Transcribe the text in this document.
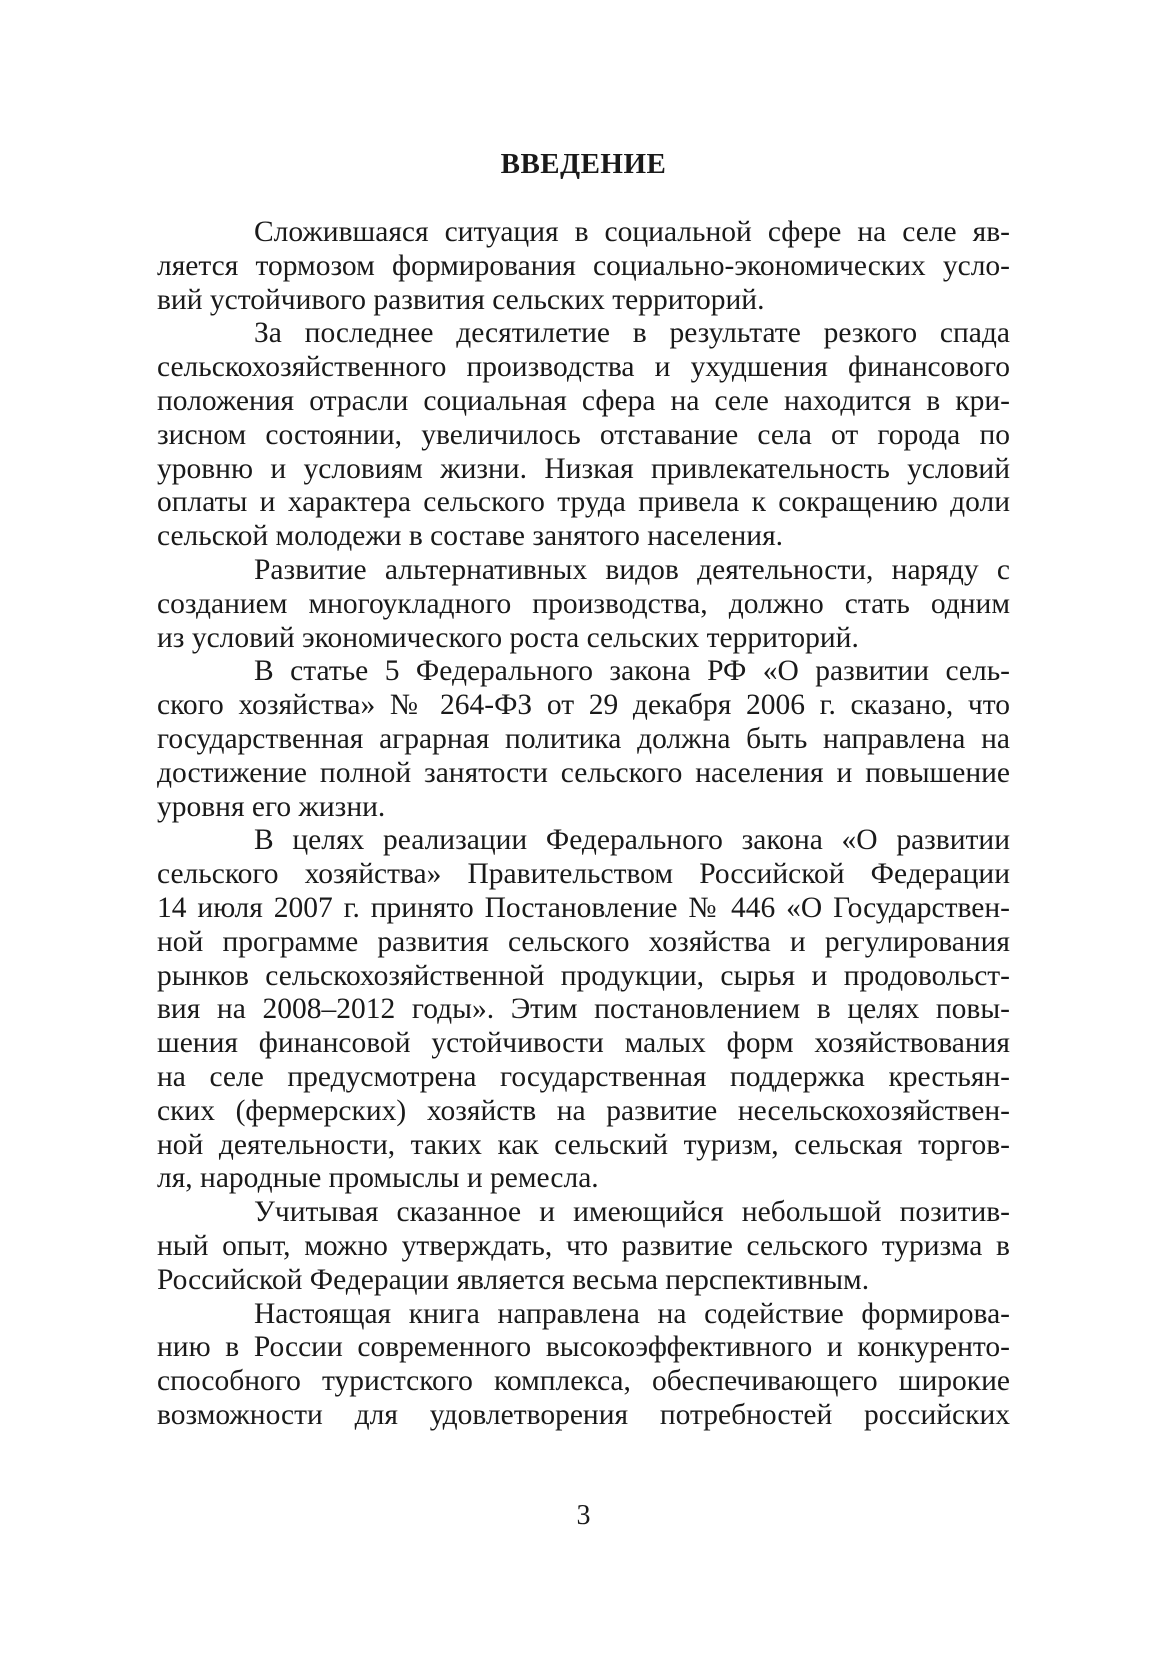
ВВЕДЕНИЕ

Сложившаяся ситуация в социальной сфере на селе яв-
ляется тормозом формирования социально-экономических усло-
вий устойчивого развития сельских территорий.

За последнее десятилетие в результате резкого спада
сельскохозяйственного производства и ухудшения финансового
положения отрасли социальная сфера на селе находится в кри-
зисном состоянии, увеличилось отставание села от города по
уровню и условиям жизни. Низкая привлекательность условий
оплаты и характера сельского труда привела к сокращению доли
сельской молодежи в составе занятого населения.

Развитие альтернативных видов деятельности, наряду с
созданием многоукладного производства, должно стать одним
из условий экономического роста сельских территорий.

В статье 5 Федерального закона РФ «О развитии сель-
ского хозяйства» № 264-ФЗ от 29 декабря 2006 г. сказано, что
государственная аграрная политика должна быть направлена на
достижение полной занятости сельского населения и повышение
уровня его жизни.

В целях реализации Федерального закона «О развитии
сельского хозяйства» Правительством Российской Федерации
14 июля 2007 г. принято Постановление № 446 «О Государствен-
ной программе развития сельского хозяйства и регулирования
рынков сельскохозяйственной продукции, сырья и продовольст-
вия на 2008–2012 годы». Этим постановлением в целях повы-
шения финансовой устойчивости малых форм хозяйствования
на селе предусмотрена государственная поддержка крестьян-
ских (фермерских) хозяйств на развитие несельскохозяйствен-
ной деятельности, таких как сельский туризм, сельская торгов-
ля, народные промыслы и ремесла.

Учитывая сказанное и имеющийся небольшой позитив-
ный опыт, можно утверждать, что развитие сельского туризма в
Российской Федерации является весьма перспективным.

Настоящая книга направлена на содействие формирова-
нию в России современного высокоэффективного и конкуренто-
способного туристского комплекса, обеспечивающего широкие
возможности для удовлетворения потребностей российских

3
